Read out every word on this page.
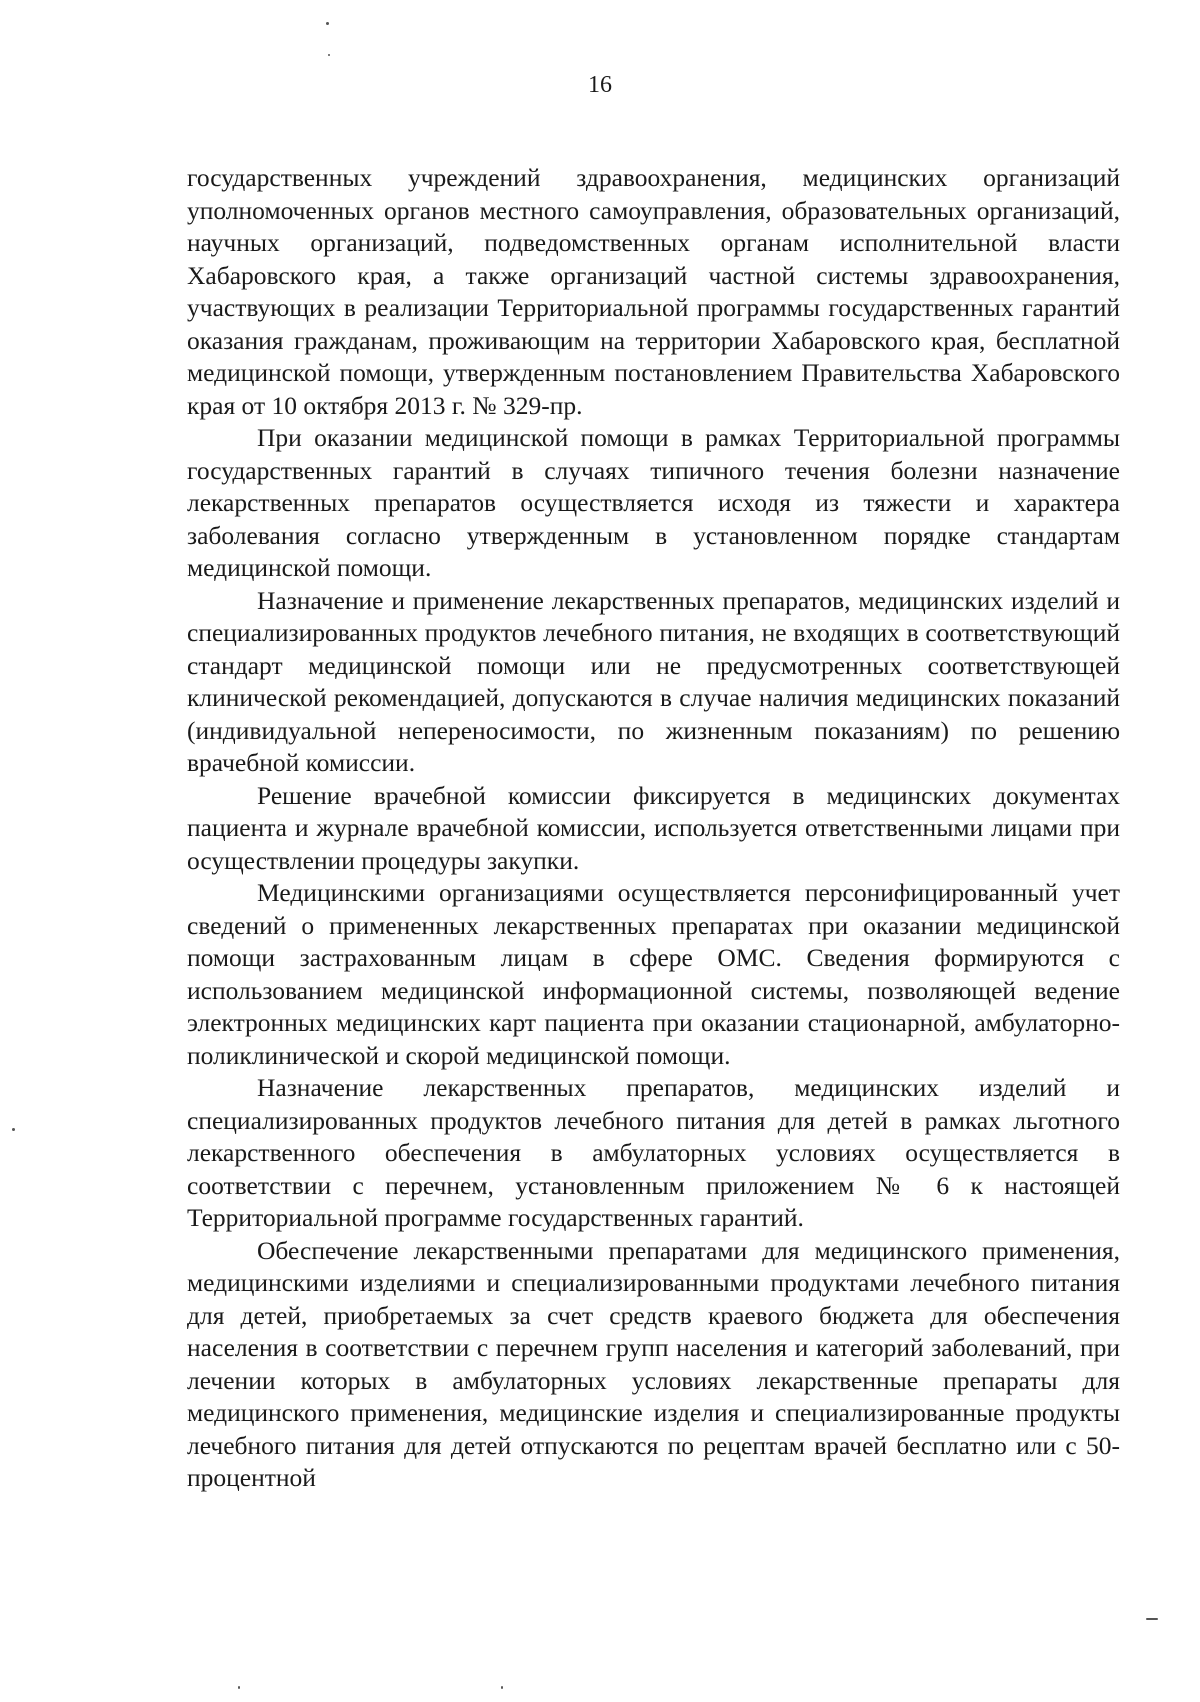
16

государственных учреждений здравоохранения, медицинских организаций уполномоченных органов местного самоуправления, образовательных организаций, научных организаций, подведомственных органам исполнительной власти Хабаровского края, а также организаций частной системы здравоохранения, участвующих в реализации Территориальной программы государственных гарантий оказания гражданам, проживающим на территории Хабаровского края, бесплатной медицинской помощи, утвержденным постановлением Правительства Хабаровского края от 10 октября 2013 г. № 329-пр.

При оказании медицинской помощи в рамках Территориальной программы государственных гарантий в случаях типичного течения болезни назначение лекарственных препаратов осуществляется исходя из тяжести и характера заболевания согласно утвержденным в установленном порядке стандартам медицинской помощи.

Назначение и применение лекарственных препаратов, медицинских изделий и специализированных продуктов лечебного питания, не входящих в соответствующий стандарт медицинской помощи или не предусмотренных соответствующей клинической рекомендацией, допускаются в случае наличия медицинских показаний (индивидуальной непереносимости, по жизненным показаниям) по решению врачебной комиссии.

Решение врачебной комиссии фиксируется в медицинских документах пациента и журнале врачебной комиссии, используется ответственными лицами при осуществлении процедуры закупки.

Медицинскими организациями осуществляется персонифицированный учет сведений о примененных лекарственных препаратах при оказании медицинской помощи застрахованным лицам в сфере ОМС. Сведения формируются с использованием медицинской информационной системы, позволяющей ведение электронных медицинских карт пациента при оказании стационарной, амбулаторно-поликлинической и скорой медицинской помощи.

Назначение лекарственных препаратов, медицинских изделий и специализированных продуктов лечебного питания для детей в рамках льготного лекарственного обеспечения в амбулаторных условиях осуществляется в соответствии с перечнем, установленным приложением № 6 к настоящей Территориальной программе государственных гарантий.

Обеспечение лекарственными препаратами для медицинского применения, медицинскими изделиями и специализированными продуктами лечебного питания для детей, приобретаемых за счет средств краевого бюджета для обеспечения населения в соответствии с перечнем групп населения и категорий заболеваний, при лечении которых в амбулаторных условиях лекарственные препараты для медицинского применения, медицинские изделия и специализированные продукты лечебного питания для детей отпускаются по рецептам врачей бесплатно или с 50-процентной
